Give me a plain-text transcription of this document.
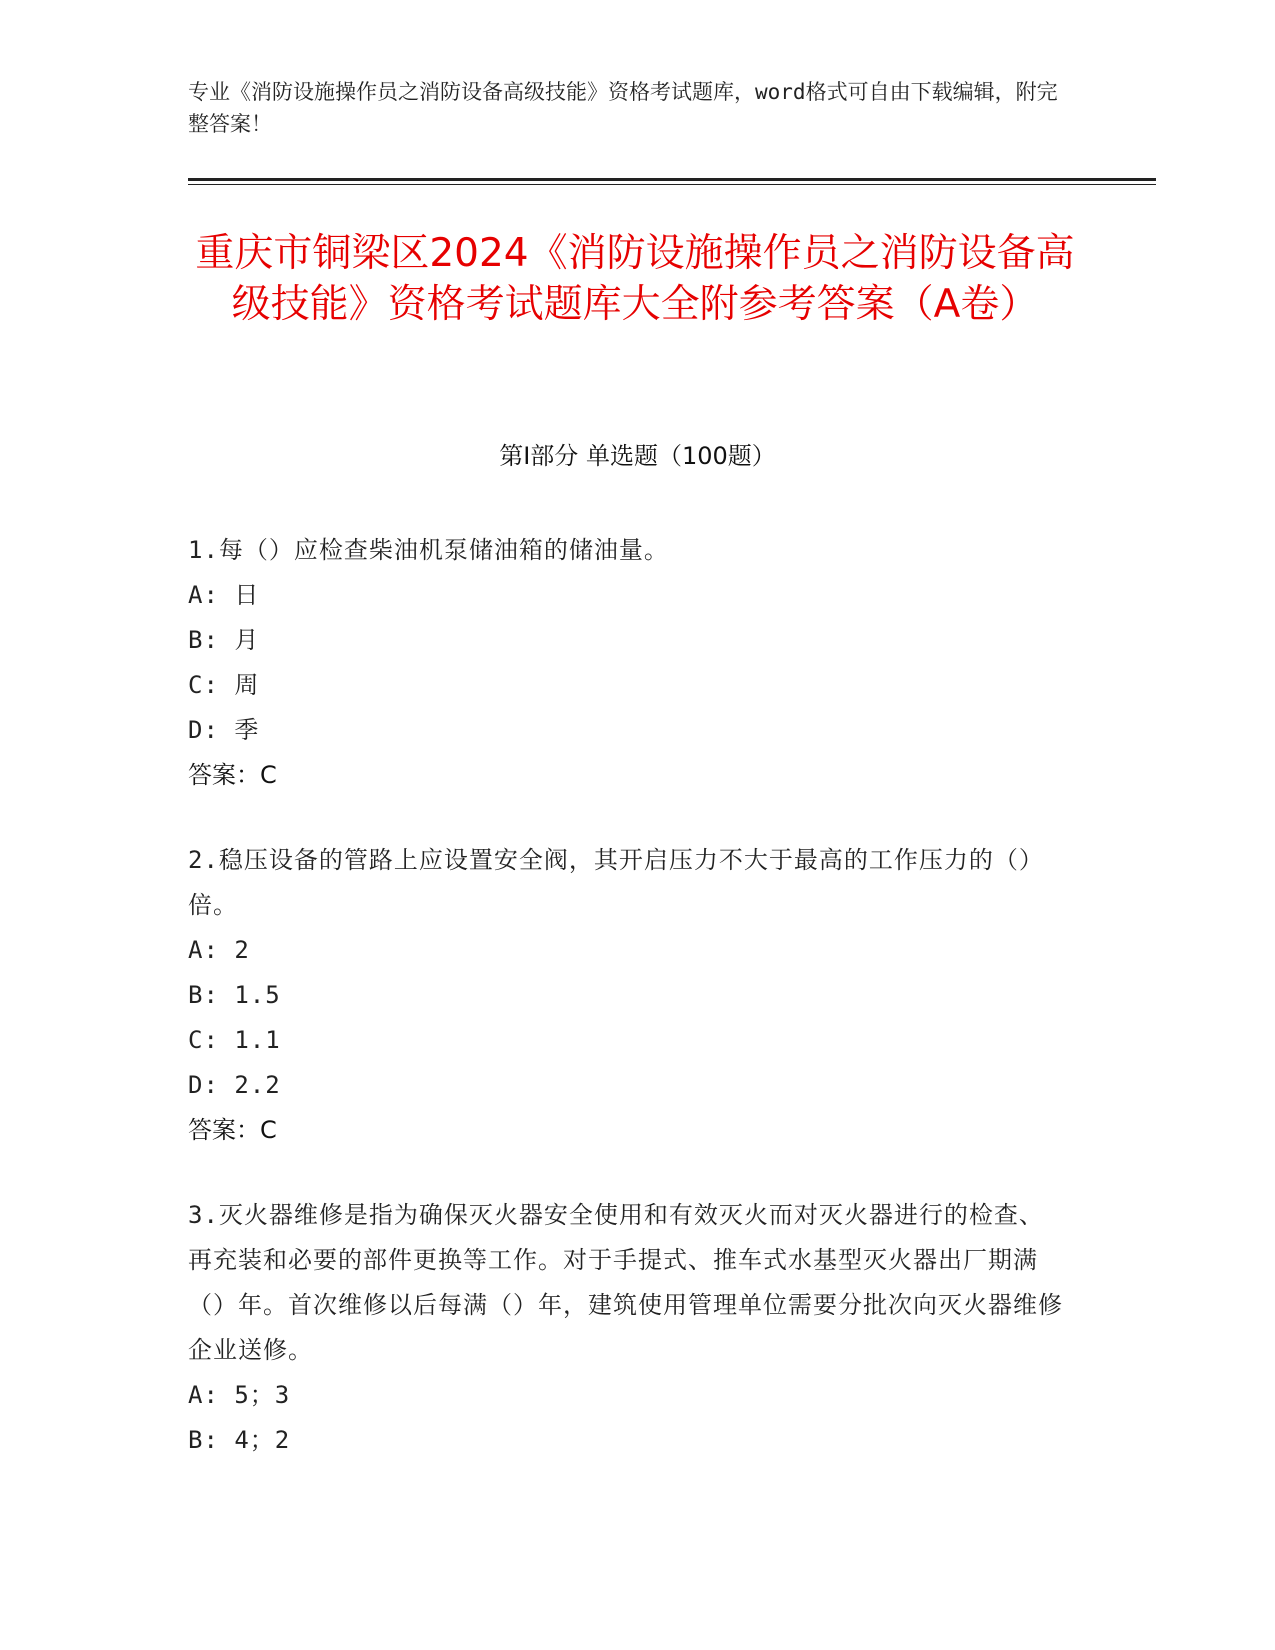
专业《消防设施操作员之消防设备高级技能》资格考试题库，word格式可自由下载编辑，附完整答案！
重庆市铜梁区2024《消防设施操作员之消防设备高级技能》资格考试题库大全附参考答案（A卷）
第I部分 单选题（100题）
1.每（）应检查柴油机泵储油箱的储油量。
A: 日
B: 月
C: 周
D: 季
答案：C
2.稳压设备的管路上应设置安全阀，其开启压力不大于最高的工作压力的（）倍。
A: 2
B: 1.5
C: 1.1
D: 2.2
答案：C
3.灭火器维修是指为确保灭火器安全使用和有效灭火而对灭火器进行的检查、再充装和必要的部件更换等工作。对于手提式、推车式水基型灭火器出厂期满（）年。首次维修以后每满（）年，建筑使用管理单位需要分批次向灭火器维修企业送修。
A: 5；3
B: 4；2
